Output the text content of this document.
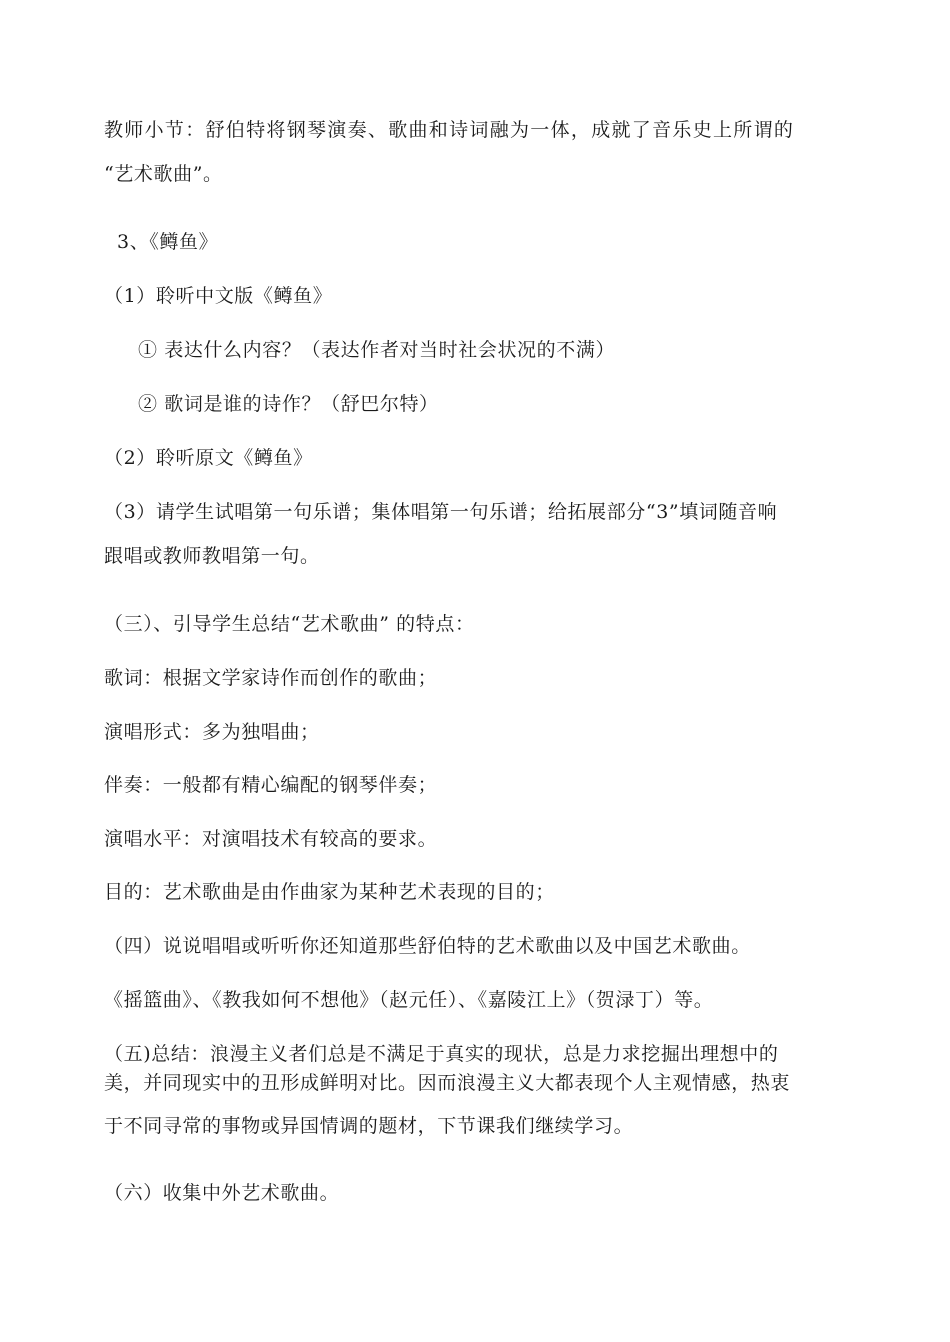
教师小节：舒伯特将钢琴演奏、歌曲和诗词融为一体，成就了音乐史上所谓的
“艺术歌曲”。
3、《鳟鱼》
（1）聆听中文版《鳟鱼》
① 表达什么内容？（表达作者对当时社会状况的不满）
② 歌词是谁的诗作？（舒巴尔特）
（2）聆听原文《鳟鱼》
（3）请学生试唱第一句乐谱；集体唱第一句乐谱；给拓展部分“3”填词随音响
跟唱或教师教唱第一句。
（三）、引导学生总结“艺术歌曲” 的特点：
歌词：根据文学家诗作而创作的歌曲；
演唱形式：多为独唱曲；
伴奏：一般都有精心编配的钢琴伴奏；
演唱水平：对演唱技术有较高的要求。
目的：艺术歌曲是由作曲家为某种艺术表现的目的；
（四）说说唱唱或听听你还知道那些舒伯特的艺术歌曲以及中国艺术歌曲。
《摇篮曲》、《教我如何不想他》（赵元任）、《嘉陵江上》（贺渌丁）等。
（五)总结：浪漫主义者们总是不满足于真实的现状，总是力求挖掘出理想中的
美，并同现实中的丑形成鲜明对比。因而浪漫主义大都表现个人主观情感，热衷
于不同寻常的事物或异国情调的题材，下节课我们继续学习。
（六）收集中外艺术歌曲。
